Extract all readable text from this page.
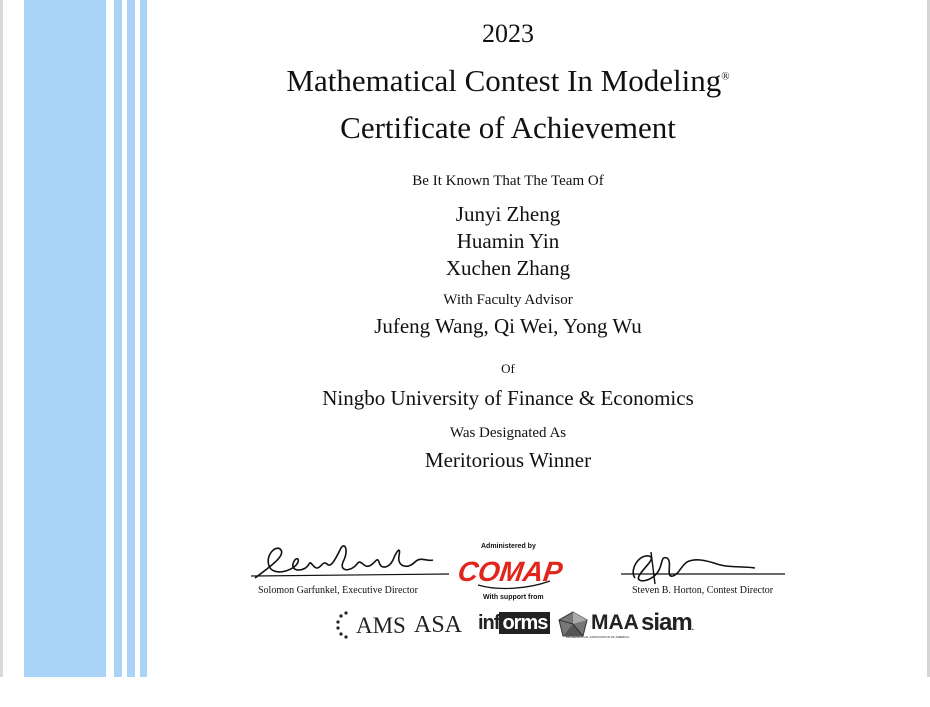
2023
Mathematical Contest In Modeling®
Certificate of Achievement
Be It Known That The Team Of
Junyi Zheng
Huamin Yin
Xuchen Zhang
With Faculty Advisor
Jufeng Wang, Qi Wei, Yong Wu
Of
Ningbo University of Finance & Economics
Was Designated As
Meritorious Winner
Solomon Garfunkel, Executive Director
Administered by
COMAP
With support from
Steven B. Horton, Contest Director
AMS ASA inf orms MAA
MATHEMATICAL ASSOCIATION OF AMERICA
siam.
